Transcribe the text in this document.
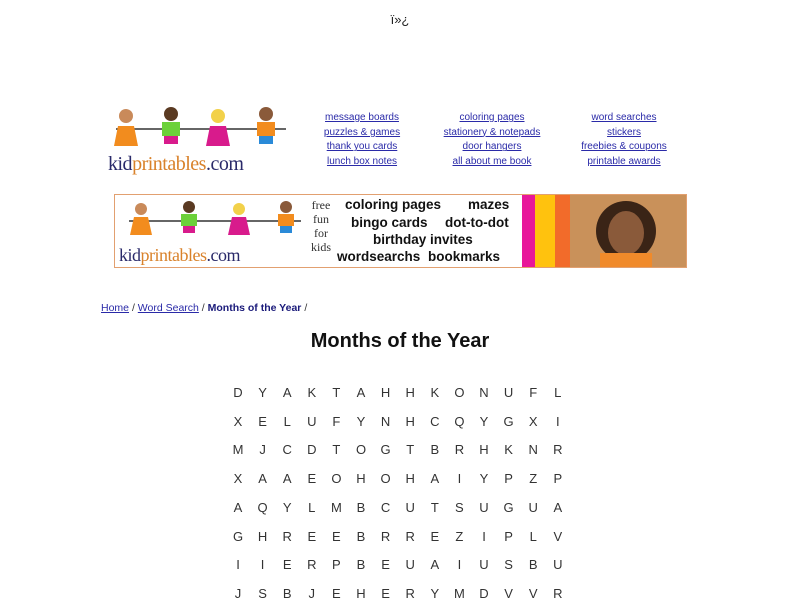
ï»¿
kidprintables.com
message boards
puzzles & games
thank you cards
lunch box notes
coloring pages
stationery & notepads
door hangers
all about me book
word searches
stickers
freebies & coupons
printable awards
kidprintables.com
free
fun
for
kids
coloring pages mazes
bingo cards dot-to-dot
birthday invites
wordsearchs bookmarks
Home / Word Search / Months of the Year /
Months of the Year
D	Y	A	K	T	A	H	H	K	O	N	U	F	L
X	E	L	U	F	Y	N	H	C	Q	Y	G	X	I
M	J	C	D	T	O	G	T	B	R	H	K	N	R
X	A	A	E	O	H	O	H	A	I	Y	P	Z	P
A	Q	Y	L	M	B	C	U	T	S	U	G	U	A
G	H	R	E	E	B	R	R	E	Z	I	P	L	V
I	I	E	R	P	B	E	U	A	I	U	S	B	U
J	S	B	J	E	H	E	R	Y	M	D	V	V	R
